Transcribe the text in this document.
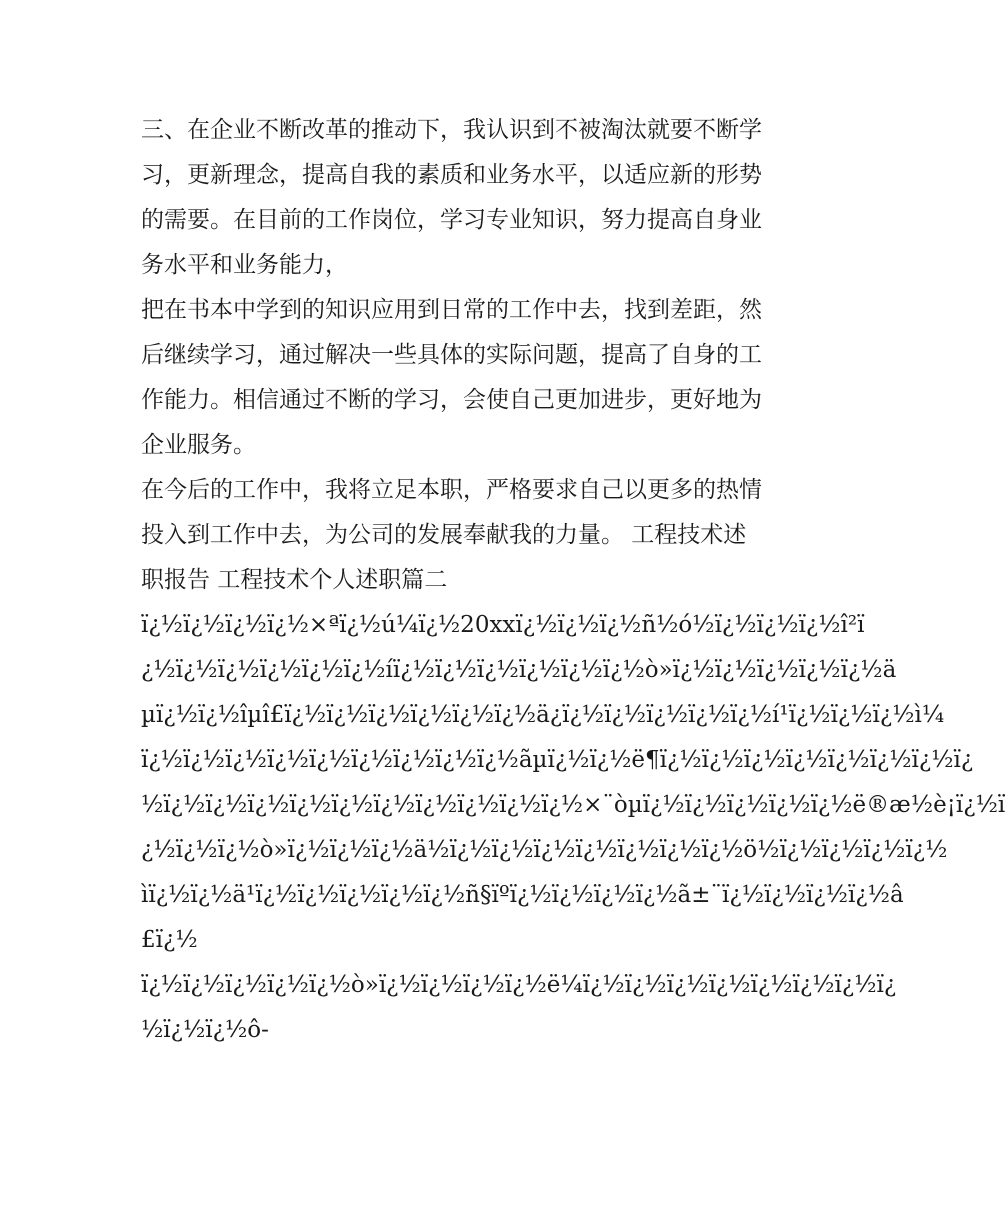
三、在企业不断改革的推动下，我认识到不被淘汰就要不断学
习，更新理念，提高自我的素质和业务水平，以适应新的形势
的需要。在目前的工作岗位，学习专业知识，努力提高自身业
务水平和业务能力，
把在书本中学到的知识应用到日常的工作中去，找到差距，然
后继续学习，通过解决一些具体的实际问题，提高了自身的工
作能力。相信通过不断的学习，会使自己更加进步，更好地为
企业服务。
在今后的工作中，我将立足本职，严格要求自己以更多的热情
投入到工作中去，为公司的发展奉献我的力量。 工程技术述
职报告 工程技术个人述职篇二
ï¿½ï¿½ï¿½ï¿½×ªï¿½ú¼ï¿½20xxï¿½ï¿½ï¿½ñ½ó½ï¿½ï¿½ï¿½î²ï
¿½ï¿½ï¿½ï¿½ï¿½ï¿½íï¿½ï¿½ï¿½ï¿½ï¿½ï¿½ò»ï¿½ï¿½ï¿½ï¿½ï¿½ä
µï¿½ï¿½îµî£ï¿½ï¿½ï¿½ï¿½ï¿½ï¿½ä¿ï¿½ï¿½ï¿½ï¿½ï¿½í¹ï¿½ï¿½ï¿½ì¼
ï¿½ï¿½ï¿½ï¿½ï¿½ï¿½ï¿½ï¿½ï¿½ãµï¿½ï¿½ë¶ï¿½ï¿½ï¿½ï¿½ï¿½ï¿½ï¿½ï¿
½ï¿½ï¿½ï¿½ï¿½ï¿½ï¿½ï¿½ï¿½ï¿½ï¿½×¨òµï¿½ï¿½ï¿½ï¿½ï¿½ë®æ½è¡ï¿½ï
¿½ï¿½ï¿½ò»ï¿½ï¿½ï¿½ä½ï¿½ï¿½ï¿½ï¿½ï¿½ï¿½ï¿½ö½ï¿½ï¿½ï¿½ï¿½
ìï¿½ï¿½ä¹ï¿½ï¿½ï¿½ï¿½ï¿½ñ§ïºï¿½ï¿½ï¿½ï¿½ã±¨ï¿½ï¿½ï¿½ï¿½â
£ï¿½
ï¿½ï¿½ï¿½ï¿½ï¿½ò»ï¿½ï¿½ï¿½ï¿½ë¼ï¿½ï¿½ï¿½ï¿½ï¿½ï¿½ï¿½ï¿
½ï¿½ï¿½ô-
